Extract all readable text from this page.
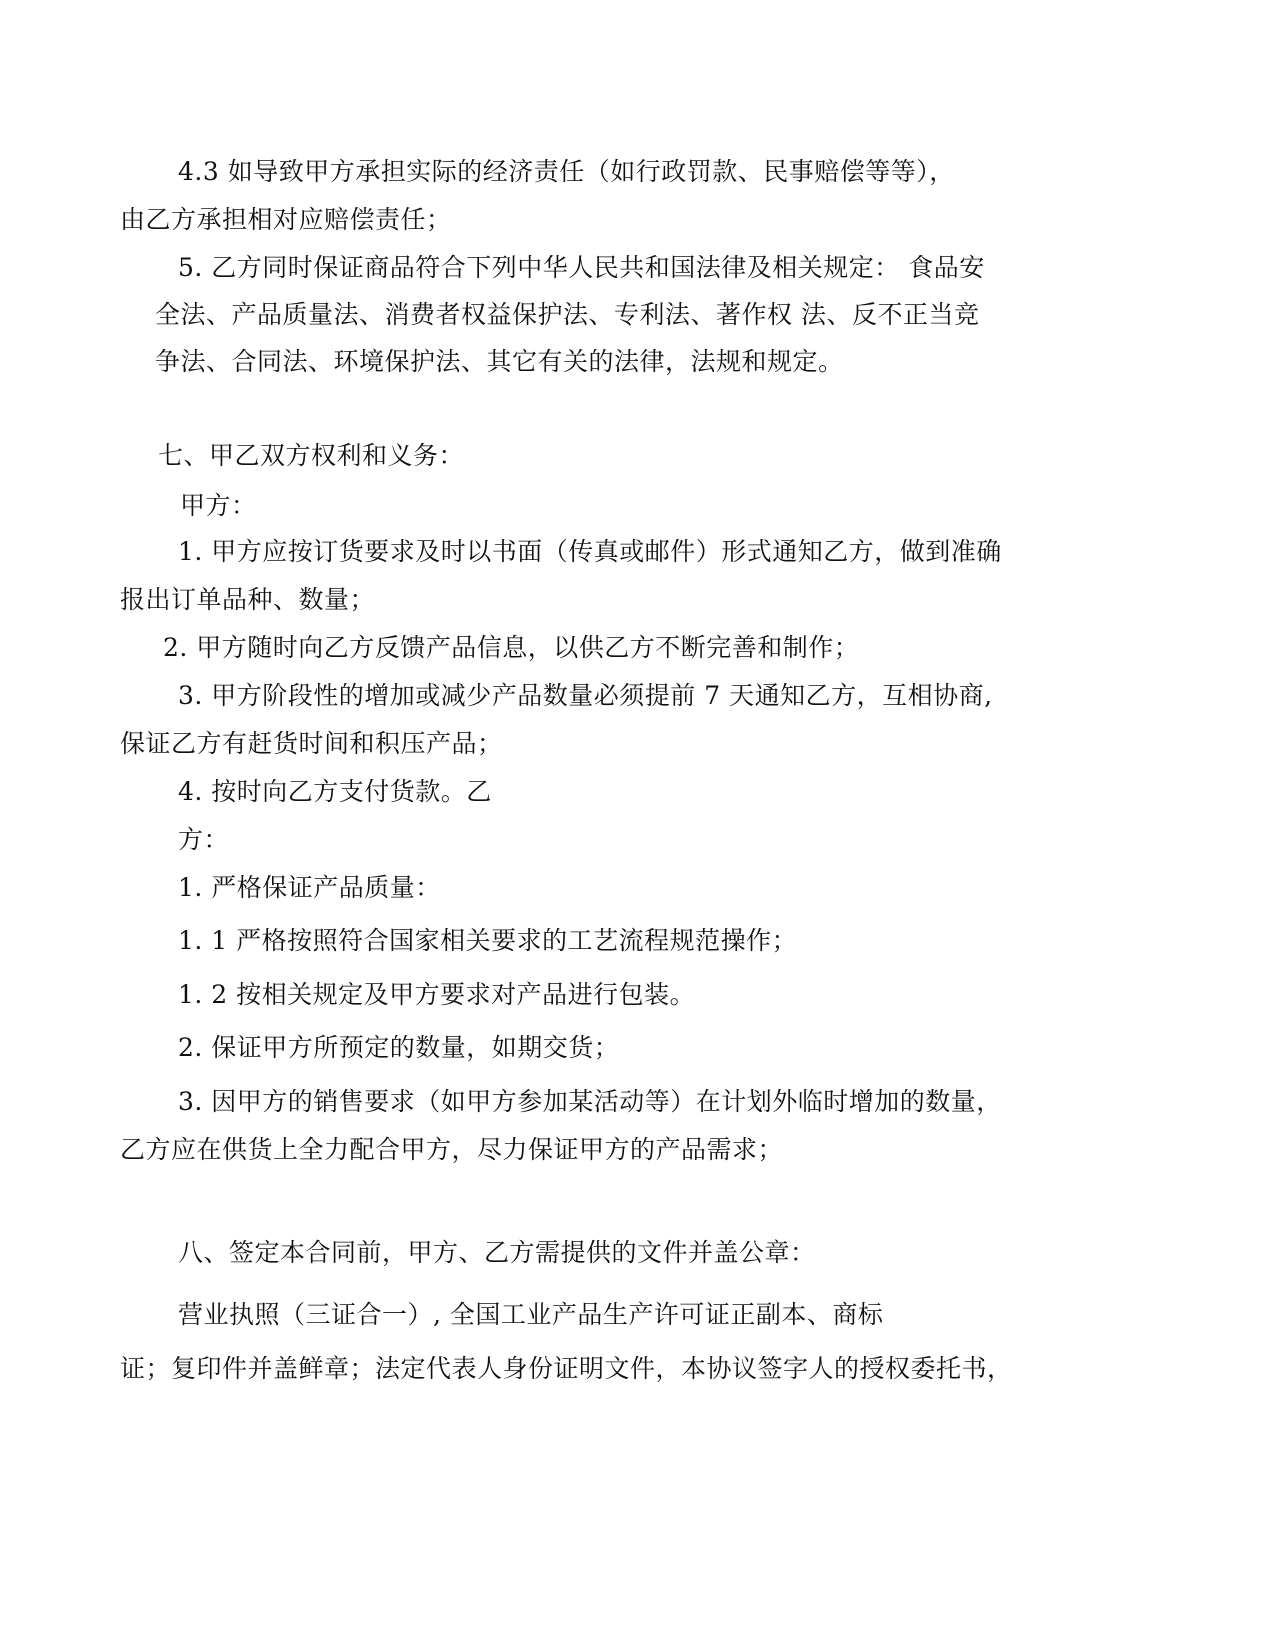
4.3 如导致甲方承担实际的经济责任（如行政罚款、民事赔偿等等），
由乙方承担相对应赔偿责任；
5. 乙方同时保证商品符合下列中华人民共和国法律及相关规定： 食品安
全法、产品质量法、消费者权益保护法、专利法、著作权 法、反不正当竞
争法、合同法、环境保护法、其它有关的法律，法规和规定。
七、甲乙双方权利和义务：
甲方：
1. 甲方应按订货要求及时以书面（传真或邮件）形式通知乙方，做到准确
报出订单品种、数量；
2. 甲方随时向乙方反馈产品信息，以供乙方不断完善和制作；
3. 甲方阶段性的增加或减少产品数量必须提前 7 天通知乙方，互相协商,
保证乙方有赶货时间和积压产品；
4. 按时向乙方支付货款。乙
方：
1. 严格保证产品质量：
1. 1 严格按照符合国家相关要求的工艺流程规范操作；
1. 2 按相关规定及甲方要求对产品进行包装。
2. 保证甲方所预定的数量，如期交货；
3. 因甲方的销售要求（如甲方参加某活动等）在计划外临时增加的数量，
乙方应在供货上全力配合甲方，尽力保证甲方的产品需求；
八、签定本合同前，甲方、乙方需提供的文件并盖公章：
营业执照（三证合一）, 全国工业产品生产许可证正副本、商标
证；复印件并盖鲜章；法定代表人身份证明文件，本协议签字人的授权委托书，
